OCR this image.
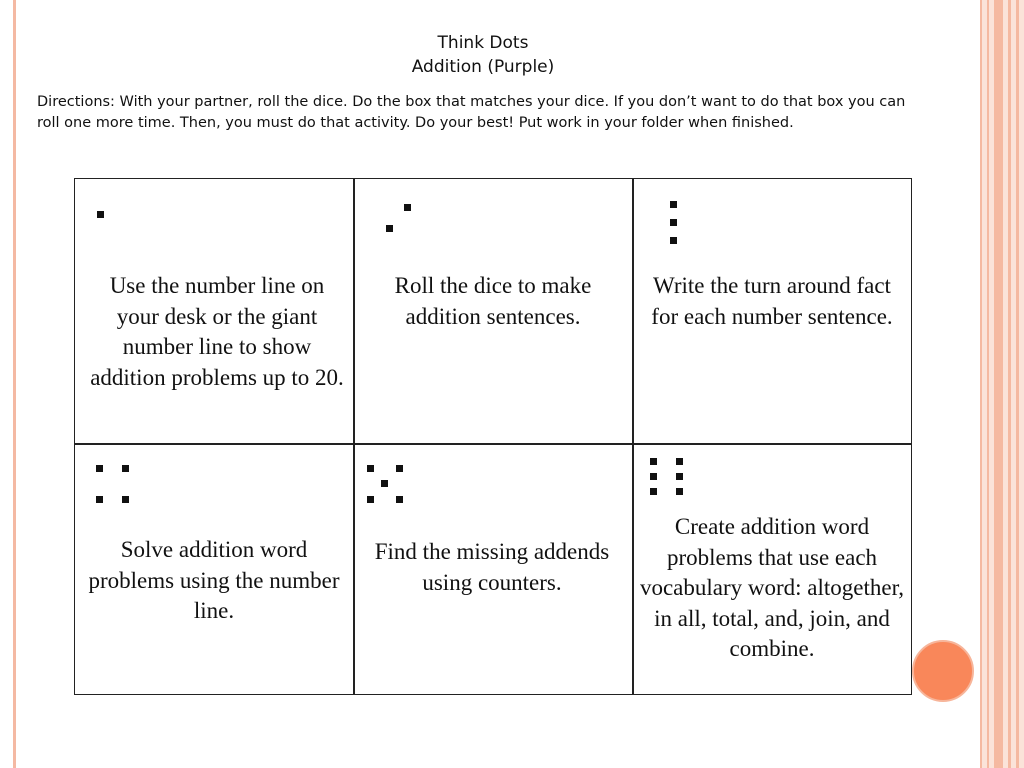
Think Dots
Addition (Purple)
Directions: With your partner, roll the dice. Do the box that matches your dice. If you don’t want to do that box you can roll one more time. Then, you must do that activity. Do your best! Put work in your folder when finished.
Use the number line on your desk or the giant number line to show addition problems up to 20.
Roll the dice to make addition sentences.
Write the turn around fact for each number sentence.
Solve addition word problems using the number line.
Find the missing addends using counters.
Create addition word problems that use each vocabulary word: altogether, in all, total, and, join, and combine.
